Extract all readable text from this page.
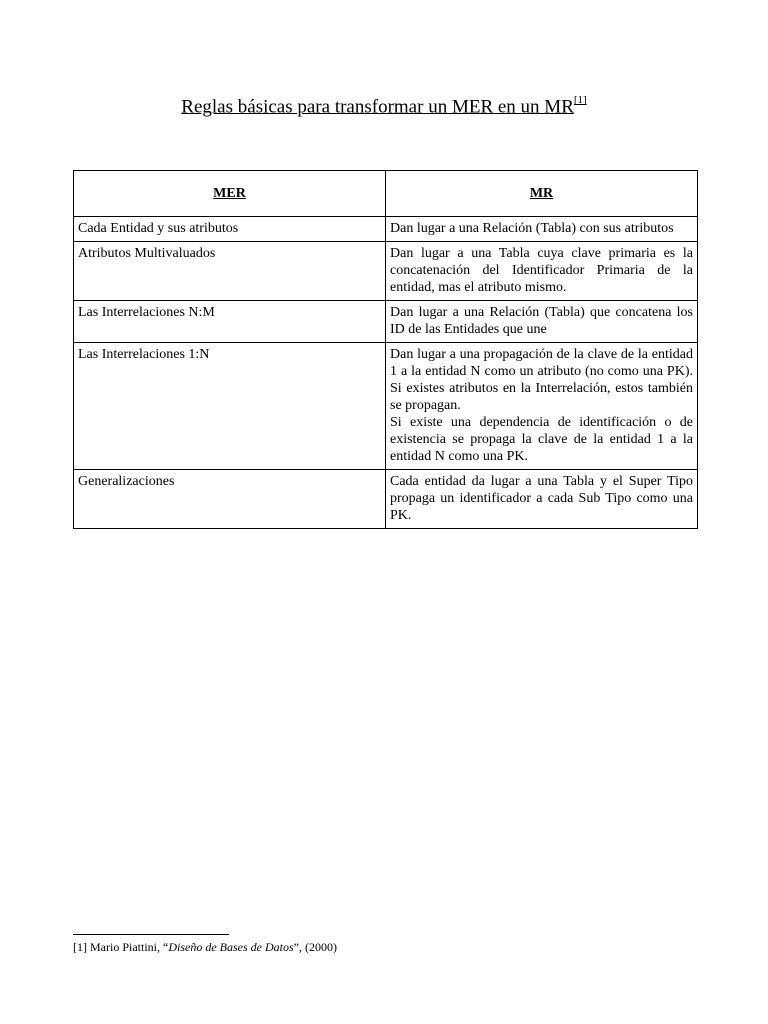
Reglas básicas para transformar un MER en un MR[1]
MER	MR
Cada Entidad y sus atributos	Dan lugar a una Relación (Tabla) con sus atributos

Atributos Multivaluados	Dan lugar a una Tabla cuya clave primaria es la concatenación del Identificador Primaria de la entidad, mas el atributo mismo.

Las Interrelaciones N:M	Dan lugar a una Relación (Tabla) que concatena los ID de las Entidades que une

Las Interrelaciones 1:N	Dan lugar a una propagación de la clave de la entidad 1 a la entidad N como un atributo (no como una PK). Si existes atributos en la Interrelación, estos también se propagan.
Si existe una dependencia de identificación o de existencia se propaga la clave de la entidad 1 a la entidad N como una PK.

Generalizaciones	Cada entidad da lugar a una Tabla y el Super Tipo propaga un identificador a cada Sub Tipo como una PK.
[1] Mario Piattini, “Diseño de Bases de Datos”, (2000)
